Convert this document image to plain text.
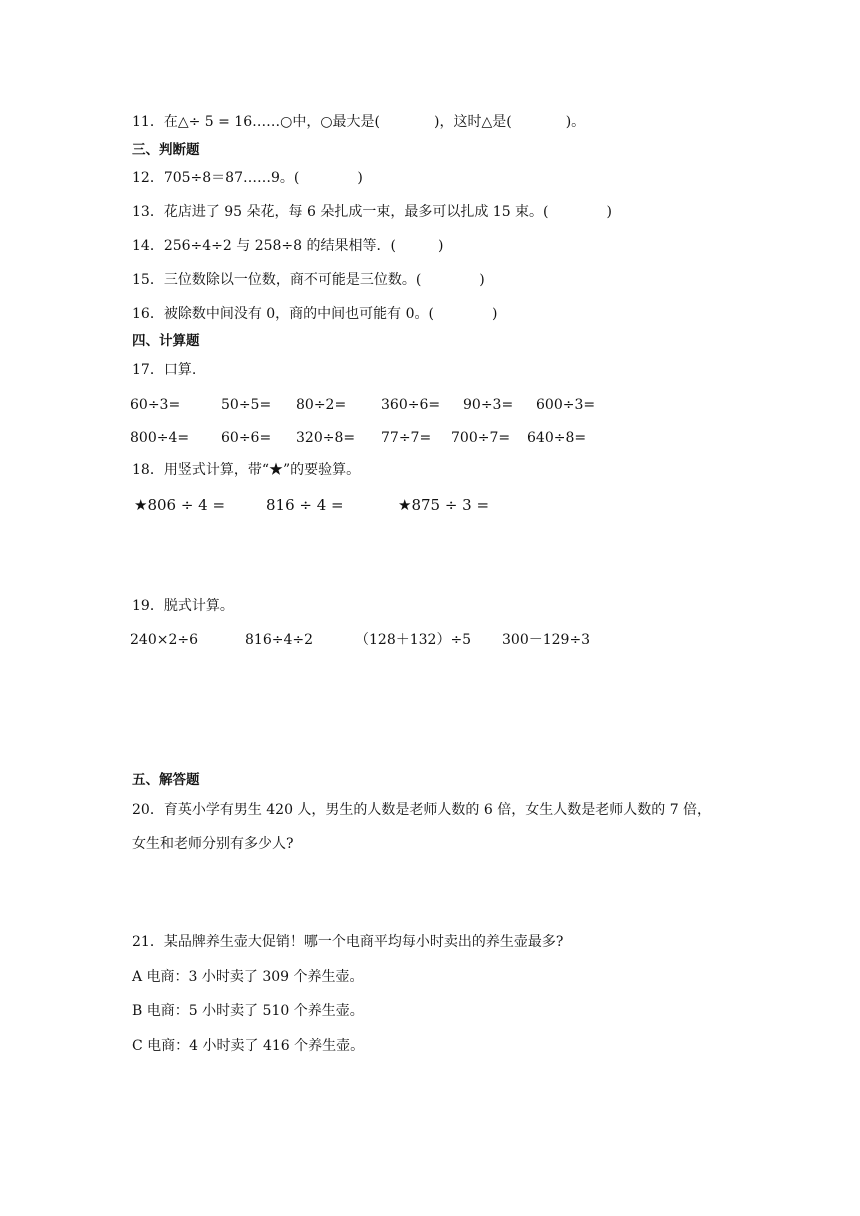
11．在△÷ 5 = 16……○中，○最大是(	)，这时△是(	)。
三、判断题
12．705÷8＝87……9。(	)
13．花店进了 95 朵花，每 6 朵扎成一束，最多可以扎成 15 束。(	)
14．256÷4÷2 与 258÷8 的结果相等．(	)
15．三位数除以一位数，商不可能是三位数。(	)
16．被除数中间没有 0，商的中间也可能有 0。(	)
四、计算题
17．口算.
60÷3=	50÷5= 80÷2= 360÷6= 90÷3= 600÷3=
800÷4= 60÷6= 320÷8= 77÷7= 700÷7= 640÷8=
18．用竖式计算，带“★”的要验算。
★806 ÷ 4 =	816 ÷ 4 =	★875 ÷ 3 =
19．脱式计算。
240×2÷6	816÷4÷2	（128＋132）÷5 300－129÷3
五、解答题
20．育英小学有男生 420 人，男生的人数是老师人数的 6 倍，女生人数是老师人数的 7 倍，
女生和老师分别有多少人?
21．某品牌养生壶大促销！哪一个电商平均每小时卖出的养生壶最多?
A 电商：3 小时卖了 309 个养生壶。
B 电商：5 小时卖了 510 个养生壶。
C 电商：4 小时卖了 416 个养生壶。
